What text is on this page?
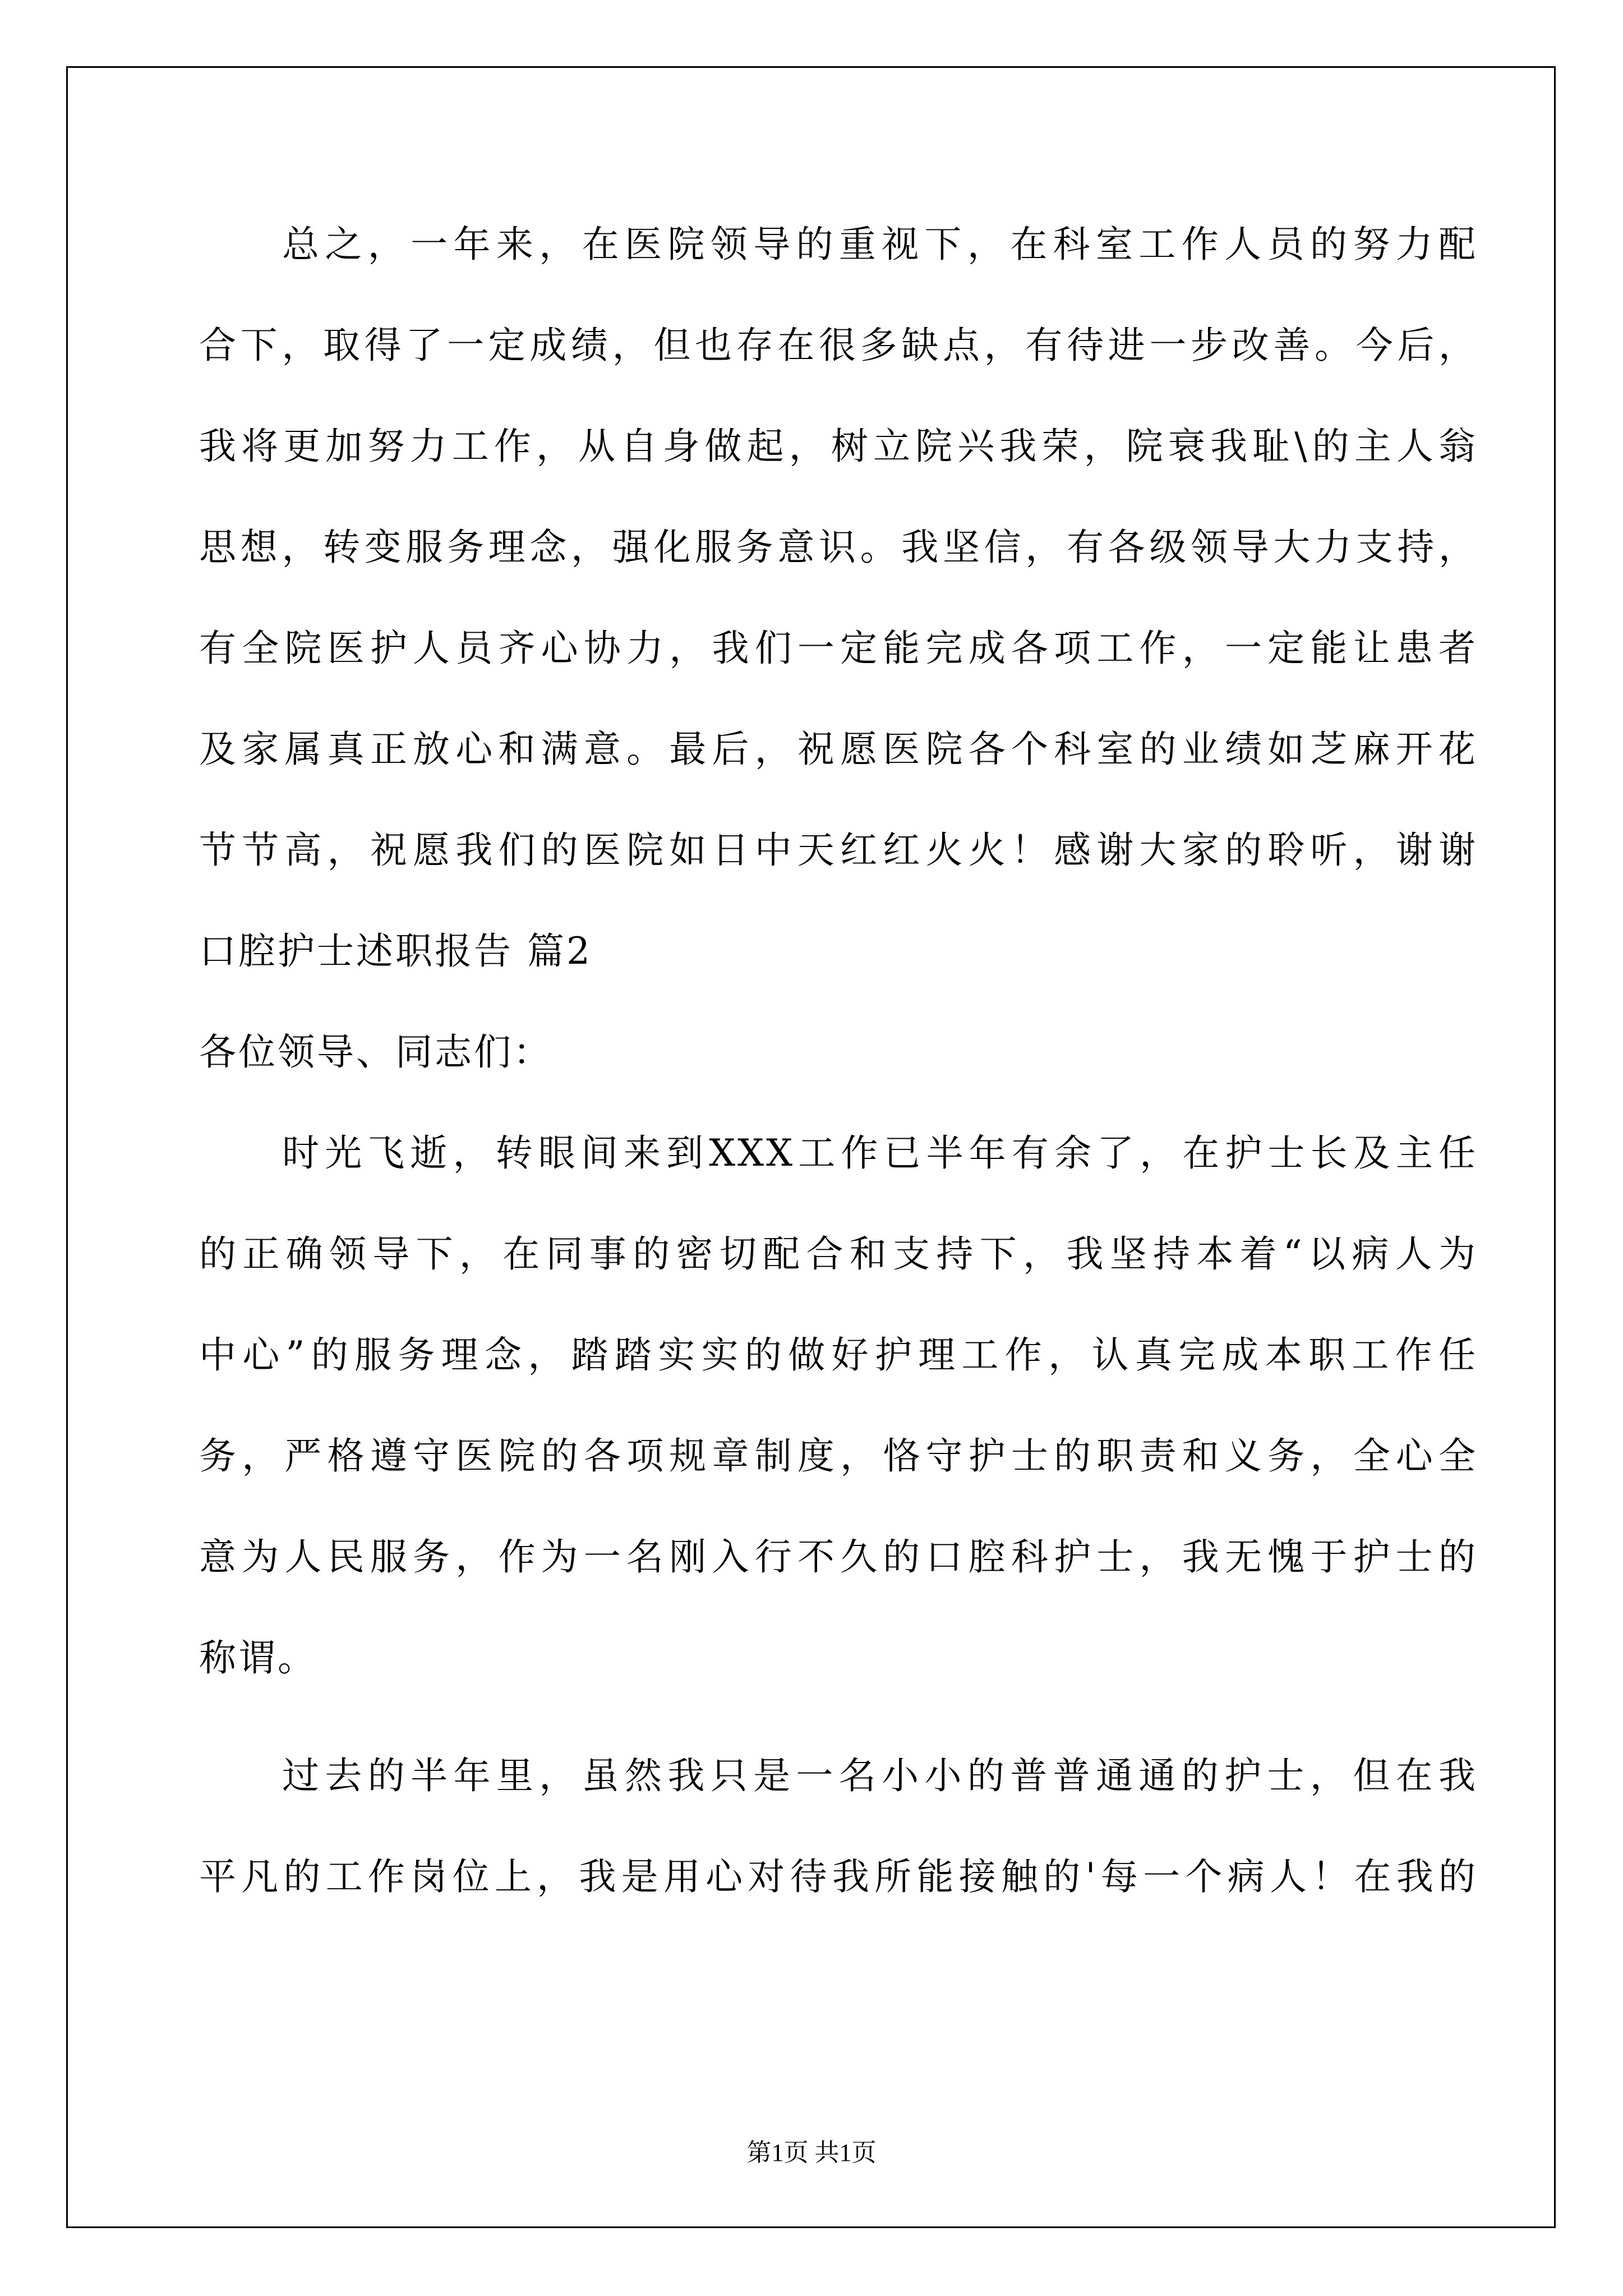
总之，一年来，在医院领导的重视下，在科室工作人员的努力配
合下，取得了一定成绩，但也存在很多缺点，有待进一步改善。今后，
我将更加努力工作，从自身做起，树立院兴我荣，院衰我耻\的主人翁
思想，转变服务理念，强化服务意识。我坚信，有各级领导大力支持，
有全院医护人员齐心协力，我们一定能完成各项工作，一定能让患者
及家属真正放心和满意。最后，祝愿医院各个科室的业绩如芝麻开花
节节高，祝愿我们的医院如日中天红红火火！感谢大家的聆听，谢谢
口腔护士述职报告 篇2
各位领导、同志们：
时光飞逝，转眼间来到XXX工作已半年有余了，在护士长及主任
的正确领导下，在同事的密切配合和支持下，我坚持本着“以病人为
中心”的服务理念，踏踏实实的做好护理工作，认真完成本职工作任
务，严格遵守医院的各项规章制度，恪守护士的职责和义务，全心全
意为人民服务，作为一名刚入行不久的口腔科护士，我无愧于护士的
称谓。
过去的半年里，虽然我只是一名小小的普普通通的护士，但在我
平凡的工作岗位上，我是用心对待我所能接触的'每一个病人！在我的
第1页 共1页
